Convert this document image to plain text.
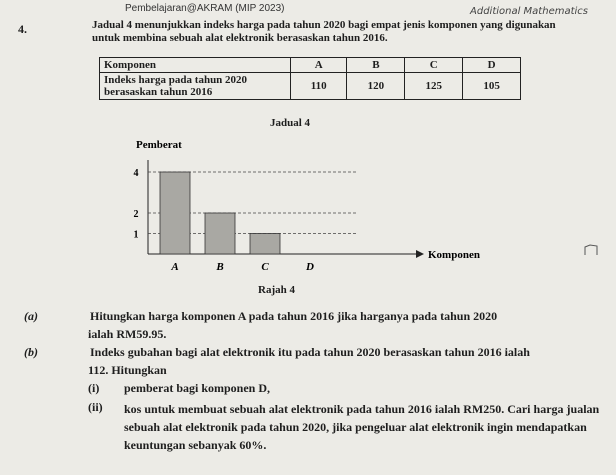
Pembelajaran@AKRAM (MIP 2023)	Additional Mathematics
4.	Jadual 4 menunjukkan indeks harga pada tahun 2020 bagi empat jenis komponen yang digunakan untuk membina sebuah alat elektronik berasaskan tahun 2016.
Komponen	A	B	C	D
Indeks harga pada tahun 2020 berasaskan tahun 2016	110	120	125	105
Jadual 4
Pemberat
Komponen
4
2
1
A	B	C	D
Rajah 4
(a)	Hitungkan harga komponen A pada tahun 2016 jika harganya pada tahun 2020
ialah RM59.95.
(b)	Indeks gubahan bagi alat elektronik itu pada tahun 2020 berasaskan tahun 2016 ialah
112. Hitungkan
(i) pemberat bagi komponen D,
(ii) kos untuk membuat sebuah alat elektronik pada tahun 2016 ialah RM250. Cari harga jualan sebuah alat elektronik pada tahun 2020, jika pengeluar alat elektronik ingin mendapatkan keuntungan sebanyak 60%.
